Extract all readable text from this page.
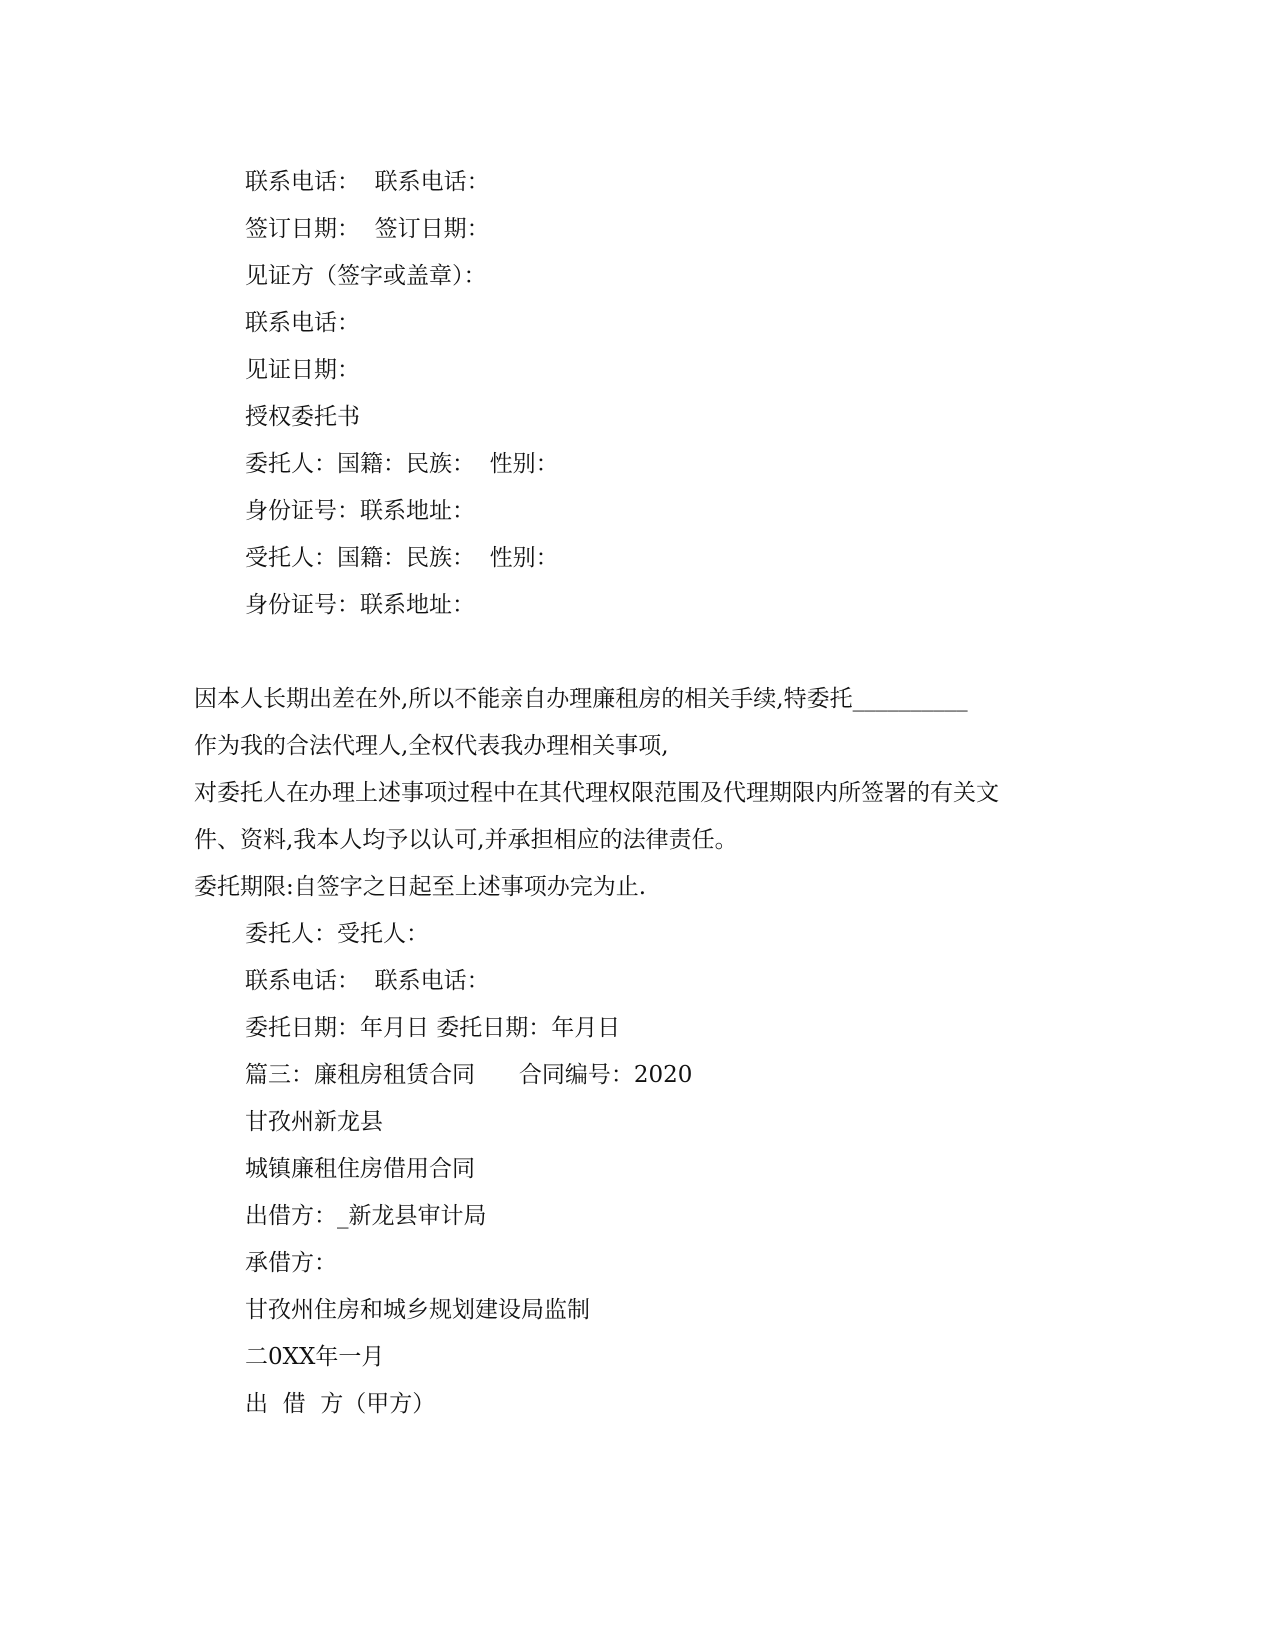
联系电话：  联系电话：
签订日期：  签订日期：
见证方（签字或盖章）：
联系电话：
见证日期：
授权委托书
委托人：国籍：民族：  性别：
身份证号：联系地址：
受托人：国籍：民族：  性别：
身份证号：联系地址：
因本人长期出差在外,所以不能亲自办理廉租房的相关手续,特委托__________
作为我的合法代理人,全权代表我办理相关事项,
对委托人在办理上述事项过程中在其代理权限范围及代理期限内所签署的有关文
件、资料,我本人均予以认可,并承担相应的法律责任。
委托期限:自签字之日起至上述事项办完为止.
委托人：受托人：
联系电话：  联系电话：
委托日期：年月日 委托日期：年月日
篇三：廉租房租赁合同      合同编号：2020
甘孜州新龙县
城镇廉租住房借用合同
出借方：_新龙县审计局
承借方：
甘孜州住房和城乡规划建设局监制
二0XX年一月
出  借  方（甲方）
